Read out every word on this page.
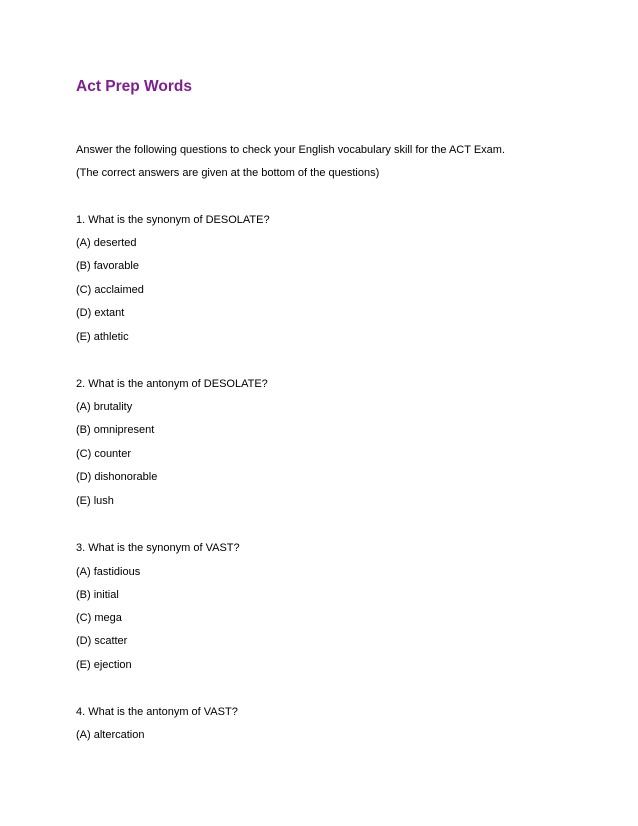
Act Prep Words
Answer the following questions to check your English vocabulary skill for the ACT Exam.
(The correct answers are given at the bottom of the questions)
1. What is the synonym of DESOLATE?
(A) deserted
(B) favorable
(C) acclaimed
(D) extant
(E) athletic
2. What is the antonym of DESOLATE?
(A) brutality
(B) omnipresent
(C) counter
(D) dishonorable
(E) lush
3. What is the synonym of VAST?
(A) fastidious
(B) initial
(C) mega
(D) scatter
(E) ejection
4. What is the antonym of VAST?
(A) altercation
